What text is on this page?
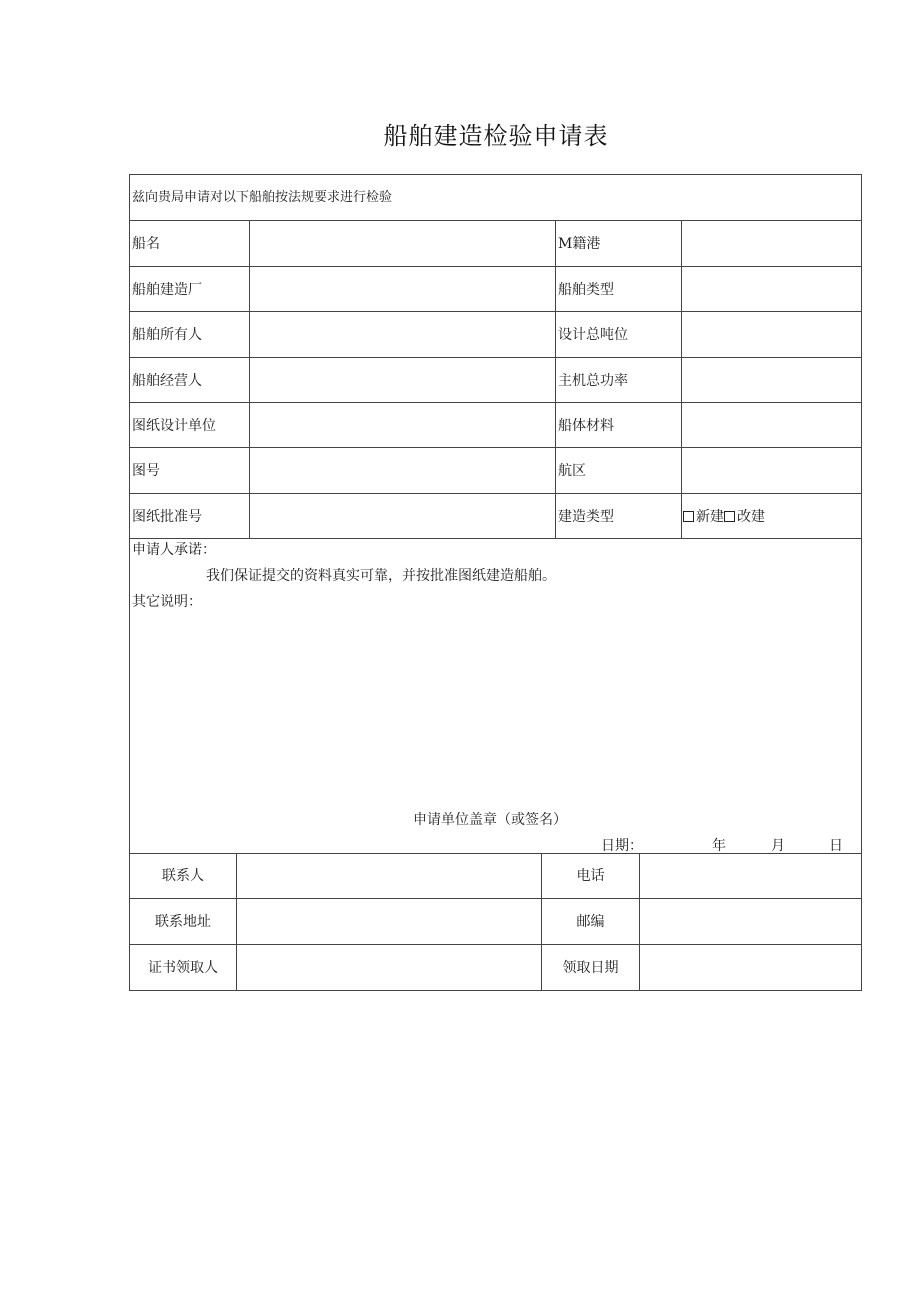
船舶建造检验申请表
兹向贵局申请对以下船舶按法规要求进行检验
船名	M籍港
船舶建造厂	船舶类型
船舶所有人	设计总吨位
船舶经营人	主机总功率
图纸设计单位	船体材料
图号	航区
图纸批准号	建造类型	新建 改建
申请人承诺：
我们保证提交的资料真实可靠，并按批准图纸建造船舶。
其它说明：
申请单位盖章（或签名）
日期：	年	月	日
联系人	电话
联系地址	邮编
证书领取人	领取日期
